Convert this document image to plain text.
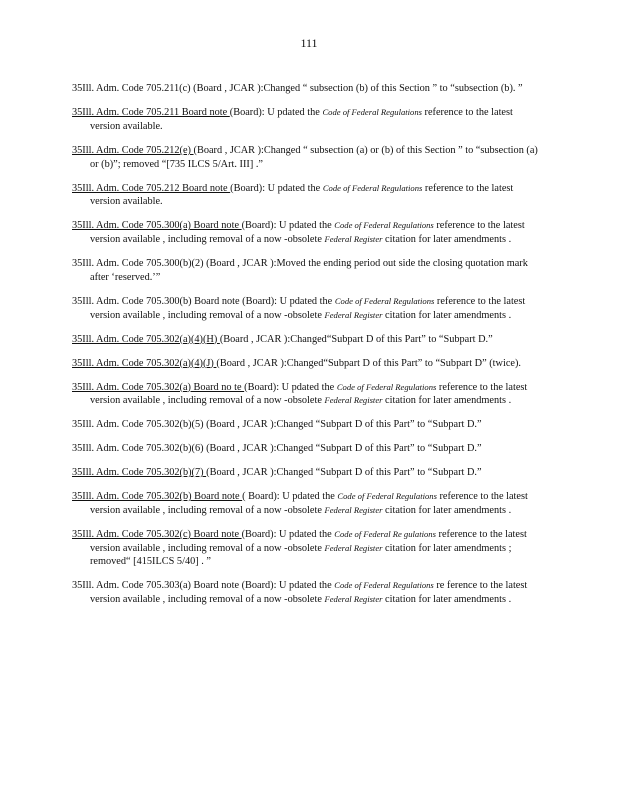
111

35Ill. Adm. Code 705.211(c) (Board , JCAR ):Changed “ subsection (b) of this Section ” to “subsection (b). ”

35Ill. Adm. Code 705.211 Board note (Board): U pdated the Code of Federal Regulations reference to the latest version available.

35Ill. Adm. Code 705.212(e) (Board , JCAR ):Changed “ subsection (a) or (b) of this Section ” to “subsection (a) or (b)”; removed “[735 ILCS 5/Art. III] .”

35Ill. Adm. Code 705.212 Board note (Board): U pdated the Code of Federal Regulations reference to the latest version available.

35Ill. Adm. Code 705.300(a) Board note (Board): U pdated the Code of Federal Regulations reference to the latest version available , including removal of a now -obsolete Federal Register citation for later amendments .

35Ill. Adm. Code 705.300(b)(2) (Board , JCAR ):Moved the ending period out side the closing quotation mark after ‘reserved.’”

35Ill. Adm. Code 705.300(b) Board note (Board): U pdated the Code of Federal Regulations reference to the latest version available , including removal of a now -obsolete Federal Register citation for later amendments .

35Ill. Adm. Code 705.302(a)(4)(H) (Board , JCAR ):Changed“Subpart D of this Part” to “Subpart D.”

35Ill. Adm. Code 705.302(a)(4)(J) (Board , JCAR ):Changed“Subpart D of this Part” to “Subpart D” (twice).

35Ill. Adm. Code 705.302(a) Board no te (Board): U pdated the Code of Federal Regulations reference to the latest version available , including removal of a now -obsolete Federal Register citation for later amendments .

35Ill. Adm. Code 705.302(b)(5) (Board , JCAR ):Changed “Subpart D of this Part” to “Subpart D.”

35Ill. Adm. Code 705.302(b)(6) (Board , JCAR ):Changed “Subpart D of this Part” to “Subpart D.”

35Ill. Adm. Code 705.302(b)(7) (Board , JCAR ):Changed “Subpart D of this Part” to “Subpart D.”

35Ill. Adm. Code 705.302(b) Board note ( Board): U pdated the Code of Federal Regulations reference to the latest version available , including removal of a now -obsolete Federal Register citation for later amendments .

35Ill. Adm. Code 705.302(c) Board note (Board): U pdated the Code of Federal Re gulations reference to the latest version available , including removal of a now -obsolete Federal Register citation for later amendments ; removed“ [415ILCS 5/40] . ”

35Ill. Adm. Code 705.303(a) Board note (Board): U pdated the Code of Federal Regulations re ference to the latest version available , including removal of a now -obsolete Federal Register citation for later amendments .
